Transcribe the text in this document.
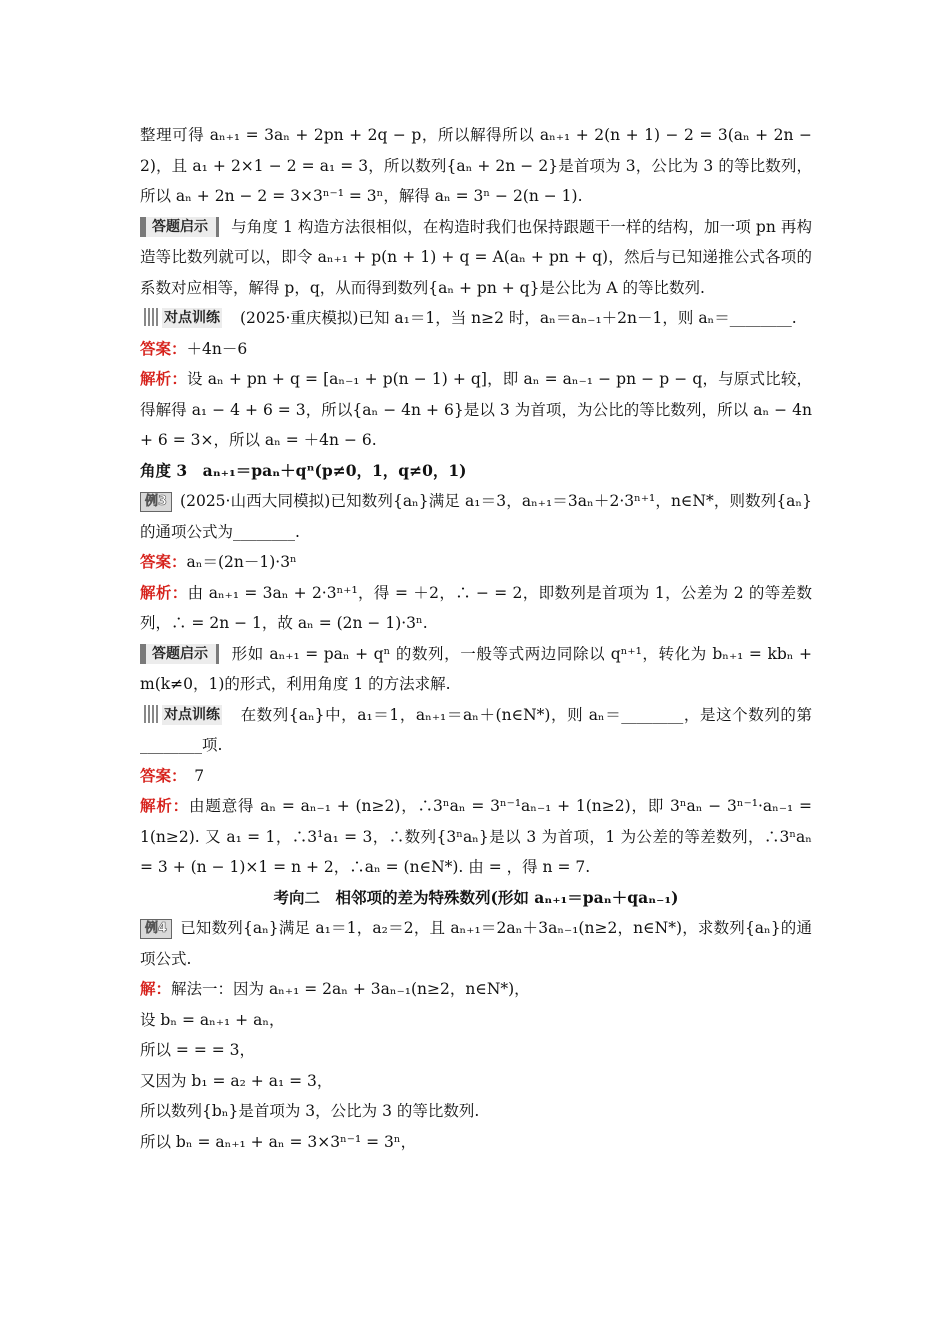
整理可得 aₙ₊₁ = 3aₙ + 2pn + 2q − p，所以解得所以 aₙ₊₁ + 2(n + 1) − 2 = 3(aₙ + 2n − 2)，且 a₁ + 2×1 − 2 = a₁ = 3，所以数列{aₙ + 2n − 2}是首项为 3，公比为 3 的等比数列，所以 aₙ + 2n − 2 = 3×3ⁿ⁻¹ = 3ⁿ，解得 aₙ = 3ⁿ − 2(n − 1).

答题启示 与角度 1 构造方法很相似，在构造时我们也保持跟题干一样的结构，加一项 pn 再构造等比数列就可以，即令 aₙ₊₁ + p(n + 1) + q = A(aₙ + pn + q)，然后与已知递推公式各项的系数对应相等，解得 p，q，从而得到数列{aₙ + pn + q}是公比为 A 的等比数列.

对点训练 (2025·重庆模拟)已知 a₁＝1，当 n≥2 时，aₙ＝aₙ₋₁＋2n－1，则 aₙ＝________.

答案：＋4n－6

解析：设 aₙ + pn + q = [aₙ₋₁ + p(n − 1) + q]，即 aₙ = aₙ₋₁ − pn − p − q，与原式比较，得解得 a₁ − 4 + 6 = 3，所以{aₙ − 4n + 6}是以 3 为首项，为公比的等比数列，所以 aₙ − 4n + 6 = 3×，所以 aₙ = ＋4n − 6.

角度 3　aₙ₊₁＝paₙ＋qⁿ(p≠0，1，q≠0，1)

例3 (2025·山西大同模拟)已知数列{aₙ}满足 a₁＝3，aₙ₊₁＝3aₙ＋2·3ⁿ⁺¹，n∈N*，则数列{aₙ}的通项公式为________.

答案：aₙ＝(2n－1)·3ⁿ

解析：由 aₙ₊₁ = 3aₙ + 2·3ⁿ⁺¹，得 = ＋2，∴ − = 2，即数列是首项为 1，公差为 2 的等差数列，∴ = 2n − 1，故 aₙ = (2n − 1)·3ⁿ.

答题启示 形如 aₙ₊₁ = paₙ + qⁿ 的数列，一般等式两边同除以 qⁿ⁺¹，转化为 bₙ₊₁ = kbₙ + m(k≠0，1)的形式，利用角度 1 的方法求解.

对点训练 在数列{aₙ}中，a₁＝1，aₙ₊₁＝aₙ＋(n∈N*)，则 aₙ＝________，是这个数列的第________项.

答案：　7

解析：由题意得 aₙ = aₙ₋₁ + (n≥2)，∴3ⁿaₙ = 3ⁿ⁻¹aₙ₋₁ + 1(n≥2)，即 3ⁿaₙ − 3ⁿ⁻¹·aₙ₋₁ = 1(n≥2). 又 a₁ = 1，∴3¹a₁ = 3，∴数列{3ⁿaₙ}是以 3 为首项，1 为公差的等差数列，∴3ⁿaₙ = 3 + (n − 1)×1 = n + 2，∴aₙ = (n∈N*). 由 = ，得 n = 7.

考向二　相邻项的差为特殊数列(形如 aₙ₊₁＝paₙ＋qaₙ₋₁)

例4 已知数列{aₙ}满足 a₁＝1，a₂＝2，且 aₙ₊₁＝2aₙ＋3aₙ₋₁(n≥2，n∈N*)，求数列{aₙ}的通项公式.

解：解法一：因为 aₙ₊₁ = 2aₙ + 3aₙ₋₁(n≥2，n∈N*)，

设 bₙ = aₙ₊₁ + aₙ，

所以 = = = 3，

又因为 b₁ = a₂ + a₁ = 3，

所以数列{bₙ}是首项为 3，公比为 3 的等比数列.

所以 bₙ = aₙ₊₁ + aₙ = 3×3ⁿ⁻¹ = 3ⁿ，
